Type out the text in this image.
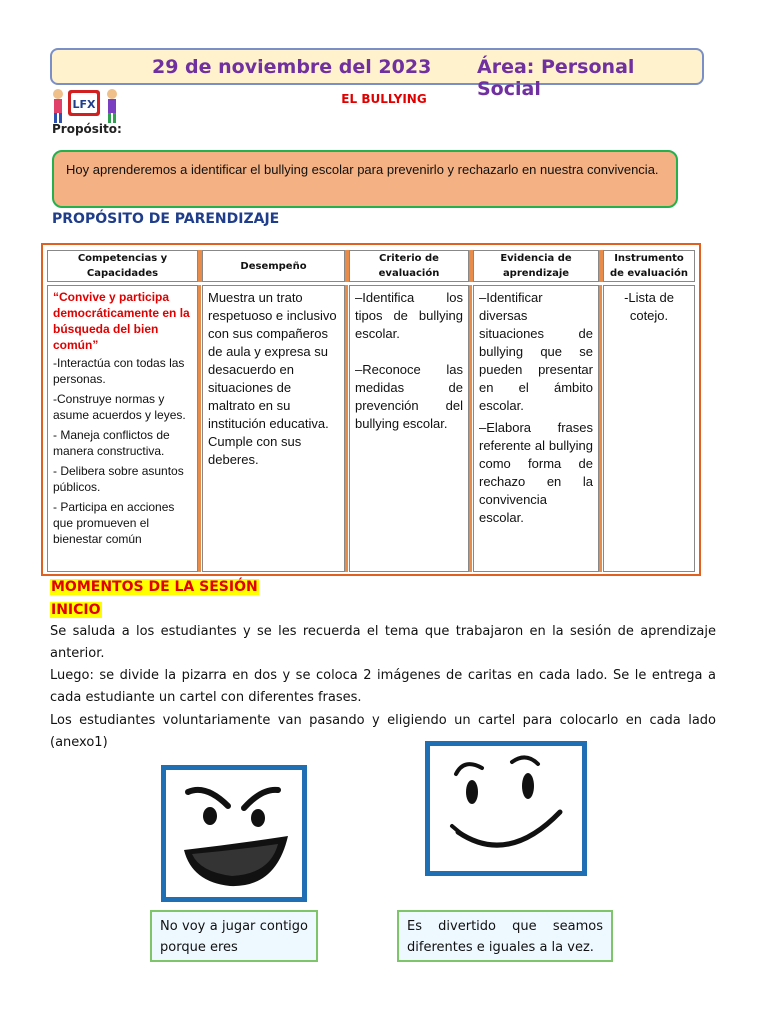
29 de noviembre del 2023 Área: Personal Social
LFX	EL BULLYING
Propósito:
Hoy aprenderemos a identificar el bullying escolar para prevenirlo y rechazarlo en nuestra convivencia.
PROPÓSITO DE PARENDIZAJE
Competencias y Capacidades
Desempeño
Criterio de evaluación
Evidencia de aprendizaje
Instrumento de evaluación

“Convive y participa democráticamente en la búsqueda del bien común”

-Interactúa con todas las personas.

-Construye normas y asume acuerdos y leyes.

- Maneja conflictos de manera constructiva.

- Delibera sobre asuntos públicos.

- Participa en acciones que promueven el bienestar común

Muestra un trato respetuoso e inclusivo con sus compañeros de aula y expresa su desacuerdo en situaciones de maltrato en su institución educativa. Cumple con sus deberes.

–Identifica los tipos de bullying escolar.

–Reconoce las medidas de prevención del bullying escolar.

–Identificar diversas situaciones de bullying que se pueden presentar en el ámbito escolar.

–Elabora frases referente al bullying como forma de rechazo en la convivencia escolar.

-Lista de cotejo.

MOMENTOS DE LA SESIÓN
INICIO
Se saluda a los estudiantes y se les recuerda el tema que trabajaron en la sesión de aprendizaje anterior.
Luego: se divide la pizarra en dos y se coloca 2 imágenes de caritas en cada lado. Se le entrega a cada estudiante un cartel con diferentes frases.
Los estudiantes voluntariamente van pasando y eligiendo un cartel para colocarlo en cada lado (anexo1)
No voy a jugar contigo porque eres
Es divertido que seamos diferentes e iguales a la vez.
